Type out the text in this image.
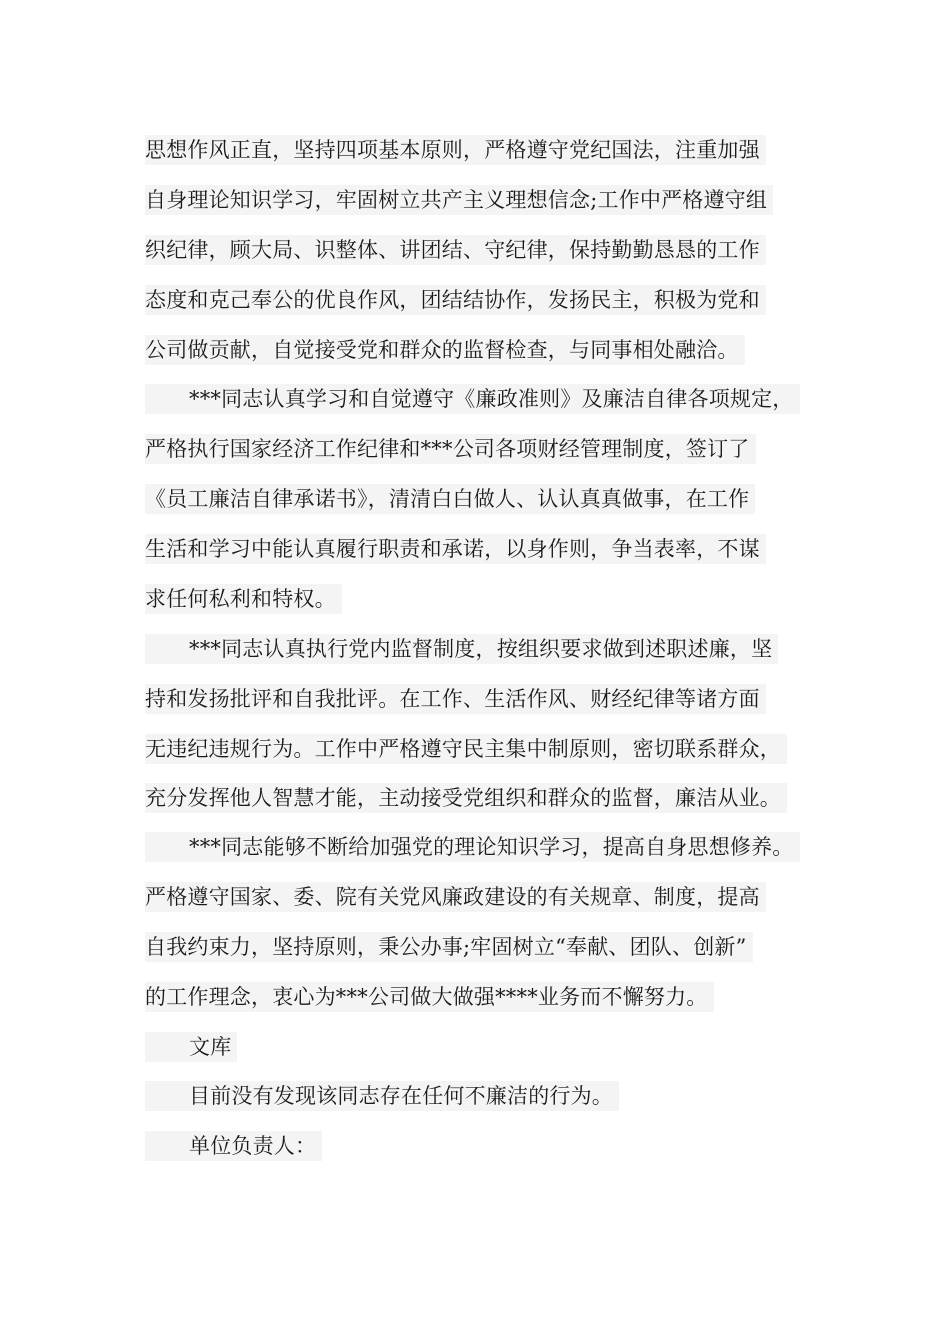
思想作风正直，坚持四项基本原则，严格遵守党纪国法，注重加强
自身理论知识学习，牢固树立共产主义理想信念;工作中严格遵守组
织纪律，顾大局、识整体、讲团结、守纪律，保持勤勤恳恳的工作
态度和克己奉公的优良作风，团结结协作，发扬民主，积极为党和
公司做贡献，自觉接受党和群众的监督检查，与同事相处融洽。
***同志认真学习和自觉遵守《廉政准则》及廉洁自律各项规定，
严格执行国家经济工作纪律和***公司各项财经管理制度，签订了
《员工廉洁自律承诺书》，清清白白做人、认认真真做事，在工作
生活和学习中能认真履行职责和承诺，以身作则，争当表率，不谋
求任何私利和特权。
***同志认真执行党内监督制度，按组织要求做到述职述廉，坚
持和发扬批评和自我批评。在工作、生活作风、财经纪律等诸方面
无违纪违规行为。工作中严格遵守民主集中制原则，密切联系群众，
充分发挥他人智慧才能，主动接受党组织和群众的监督，廉洁从业。
***同志能够不断给加强党的理论知识学习，提高自身思想修养。
严格遵守国家、委、院有关党风廉政建设的有关规章、制度，提高
自我约束力，坚持原则，秉公办事;牢固树立“奉献、团队、创新”
的工作理念，衷心为***公司做大做强****业务而不懈努力。
文库
目前没有发现该同志存在任何不廉洁的行为。
单位负责人：
